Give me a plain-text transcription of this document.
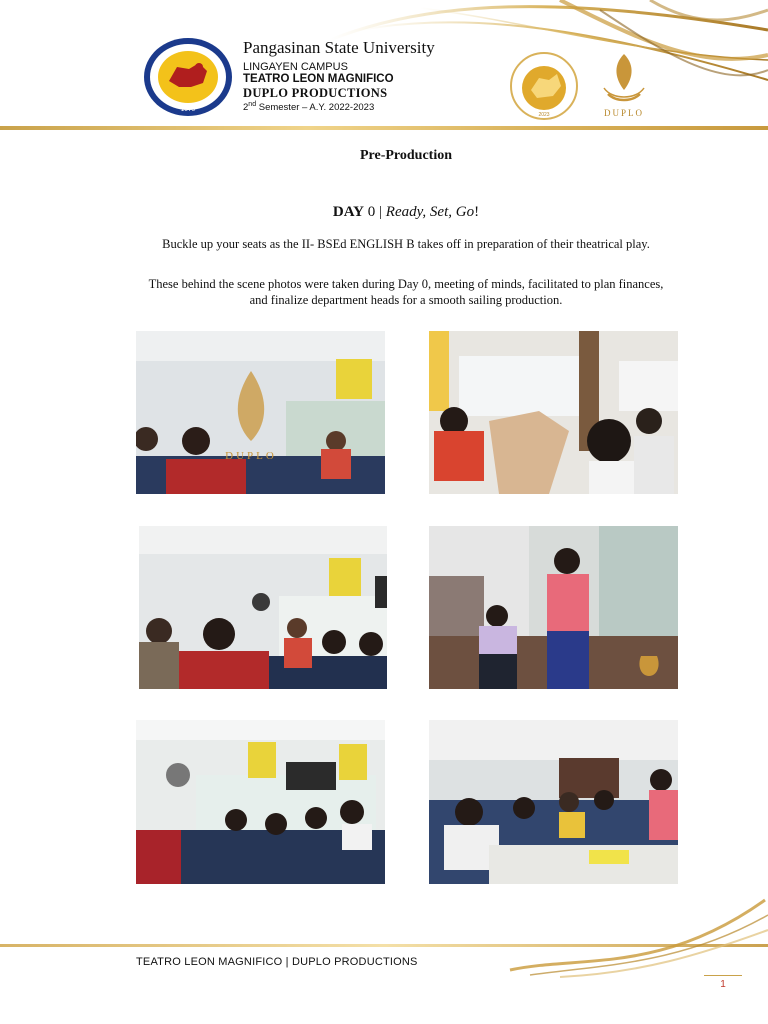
1979
Pangasinan State University
LINGAYEN CAMPUS
TEATRO LEON MAGNIFICO
DUPLO PRODUCTIONS
2nd Semester – A.Y. 2022-2023
2023	DUPLO
Pre-Production
DAY 0 | Ready, Set, Go!
Buckle up your seats as the II- BSEd ENGLISH B takes off in preparation of their theatrical play.
These behind the scene photos were taken during Day 0, meeting of minds, facilitated to plan finances, and finalize department heads for a smooth sailing production.
DUPLO
TEATRO LEON MAGNIFICO | DUPLO PRODUCTIONS
1
